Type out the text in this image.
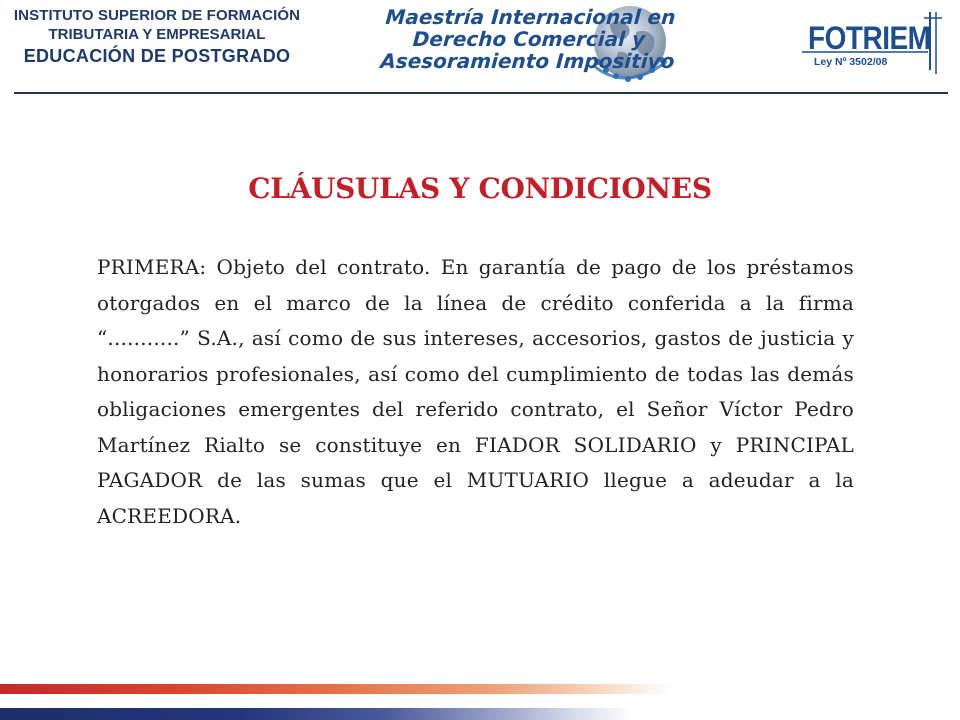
INSTITUTO SUPERIOR DE FORMACIÓN
TRIBUTARIA Y EMPRESARIAL
EDUCACIÓN DE POSTGRADO
Maestría Internacional en
Derecho Comercial y
Asesoramiento Impositivo
FOTRIEM
Ley Nº 3502/08
CLÁUSULAS Y CONDICIONES
PRIMERA: Objeto del contrato. En garantía de pago de los préstamos otorgados en el marco de la línea de crédito conferida a la firma “...........” S.A., así como de sus intereses, accesorios, gastos de justicia y honorarios profesionales, así como del cumplimiento de todas las demás obligaciones emergentes del referido contrato, el Señor Víctor Pedro Martínez Rialto se constituye en FIADOR SOLIDARIO y PRINCIPAL PAGADOR de las sumas que el MUTUARIO llegue a adeudar a la ACREEDORA.
